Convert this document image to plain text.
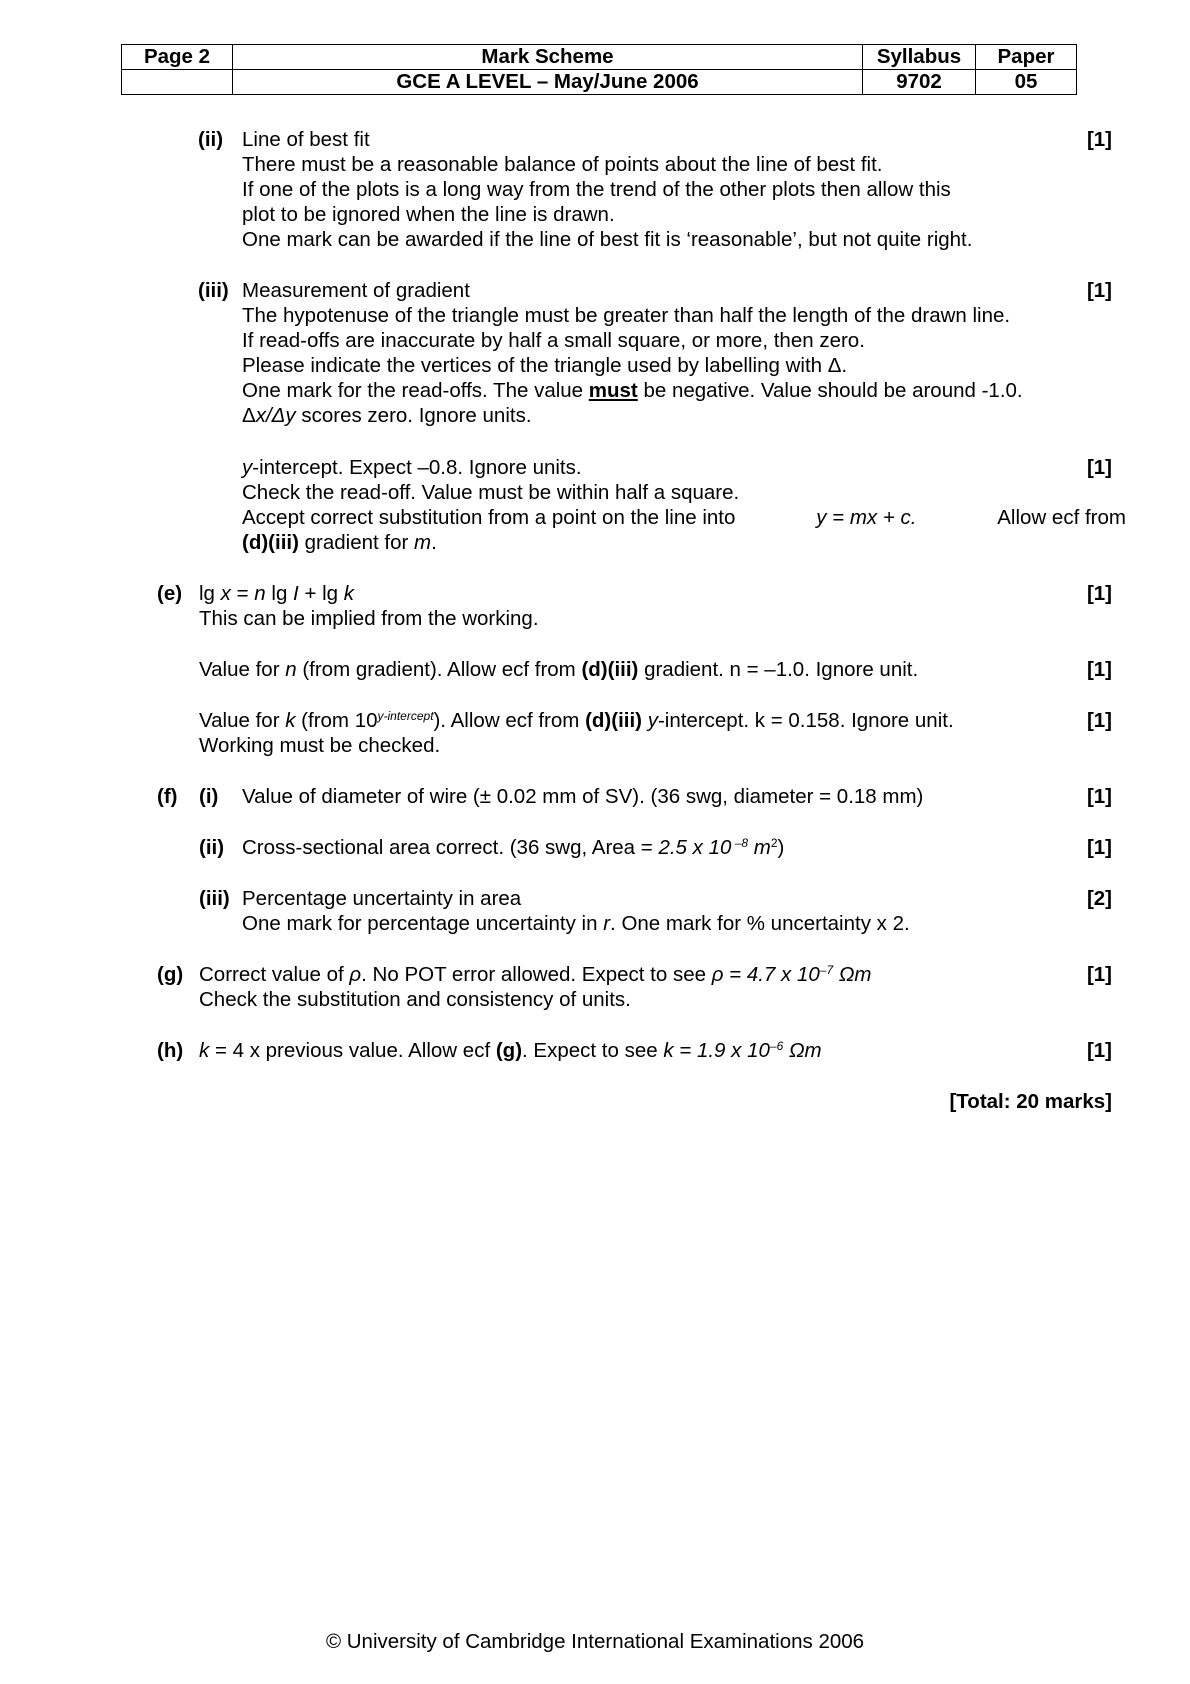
Page 2	Mark Scheme	Syllabus	Paper
	GCE A LEVEL – May/June 2006	9702	05
(ii) Line of best fit	[1]
There must be a reasonable balance of points about the line of best fit.
If one of the plots is a long way from the trend of the other plots then allow this
plot to be ignored when the line is drawn.
One mark can be awarded if the line of best fit is ‘reasonable’, but not quite right.
(iii) Measurement of gradient	[1]
The hypotenuse of the triangle must be greater than half the length of the drawn line.
If read-offs are inaccurate by half a small square, or more, then zero.
Please indicate the vertices of the triangle used by labelling with Δ.
One mark for the read-offs. The value must be negative. Value should be around -1.0.
Δx/Δy scores zero. Ignore units.
y-intercept. Expect –0.8. Ignore units.	[1]
Check the read-off. Value must be within half a square.
Accept correct substitution from a point on the line into	y = mx + c.	Allow ecf from
(d)(iii) gradient for m.
(e) lg x = n lg I + lg k	[1]
This can be implied from the working.
Value for n (from gradient). Allow ecf from (d)(iii) gradient. n = –1.0. Ignore unit.	[1]
Value for k (from $10^{y-intercept}$). Allow ecf from (d)(iii) y-intercept. k = 0.158. Ignore unit.	[1]
Working must be checked.
(f) (i) Value of diameter of wire (± 0.02 mm of SV). (36 swg, diameter = 0.18 mm)	[1]
(ii) Cross-sectional area correct. (36 swg, Area = 2.5 x 10 $^{-8}$ $m^2$)	[1]
(iii) Percentage uncertainty in area	[2]
One mark for percentage uncertainty in r. One mark for % uncertainty x 2.
(g) Correct value of ρ. No POT error allowed. Expect to see ρ = 4.7 x $10^{-7}$ Ωm	[1]
Check the substitution and consistency of units.
(h) k = 4 x previous value. Allow ecf (g). Expect to see k = 1.9 x $10^{-6}$ Ωm	[1]
[Total: 20 marks]
© University of Cambridge International Examinations 2006
